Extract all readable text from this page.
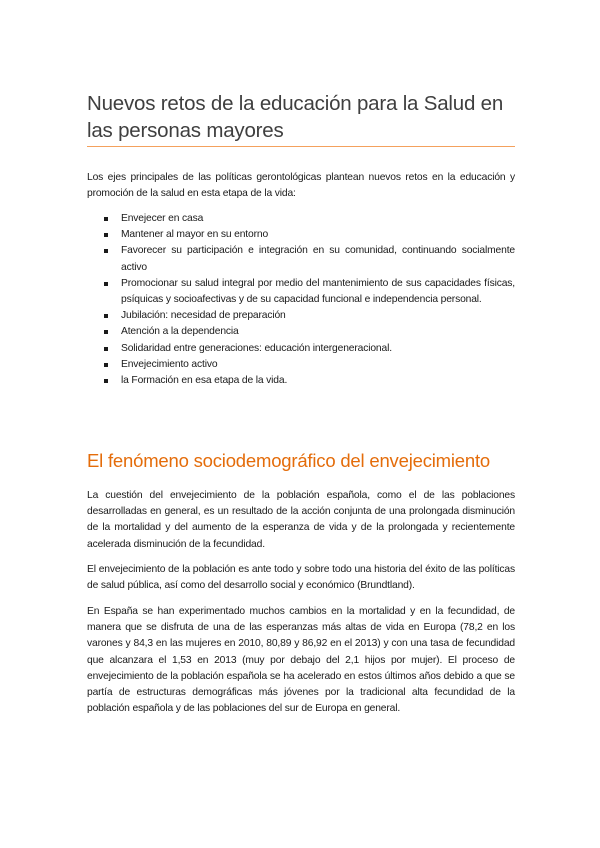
Nuevos retos de la educación para la Salud en las personas mayores

Los ejes principales de las políticas gerontológicas plantean nuevos retos en la educación y promoción de la salud en esta etapa de la vida:

Envejecer en casa
Mantener al mayor en su entorno
Favorecer su participación e integración en su comunidad, continuando socialmente activo
Promocionar su salud integral por medio del mantenimiento de sus capacidades físicas, psíquicas y socioafectivas y de su capacidad funcional e independencia personal.
Jubilación: necesidad de preparación
Atención a la dependencia
Solidaridad entre generaciones: educación intergeneracional.
Envejecimiento activo
la Formación en esa etapa de la vida.
El fenómeno sociodemográfico del envejecimiento

La cuestión del envejecimiento de la población española, como el de las poblaciones desarrolladas en general, es un resultado de la acción conjunta de una prolongada disminución de la mortalidad y del aumento de la esperanza de vida y de la prolongada y recientemente acelerada disminución de la fecundidad.

El envejecimiento de la población es ante todo y sobre todo una historia del éxito de las políticas de salud pública, así como del desarrollo social y económico (Brundtland).

En España se han experimentado muchos cambios en la mortalidad y en la fecundidad, de manera que se disfruta de una de las esperanzas más altas de vida en Europa (78,2 en los varones y 84,3 en las mujeres en 2010, 80,89 y 86,92 en el 2013) y con una tasa de fecundidad que alcanzara el 1,53 en 2013 (muy por debajo del 2,1 hijos por mujer). El proceso de envejecimiento de la población española se ha acelerado en estos últimos años debido a que se partía de estructuras demográficas más jóvenes por la tradicional alta fecundidad de la población española y de las poblaciones del sur de Europa en general.
